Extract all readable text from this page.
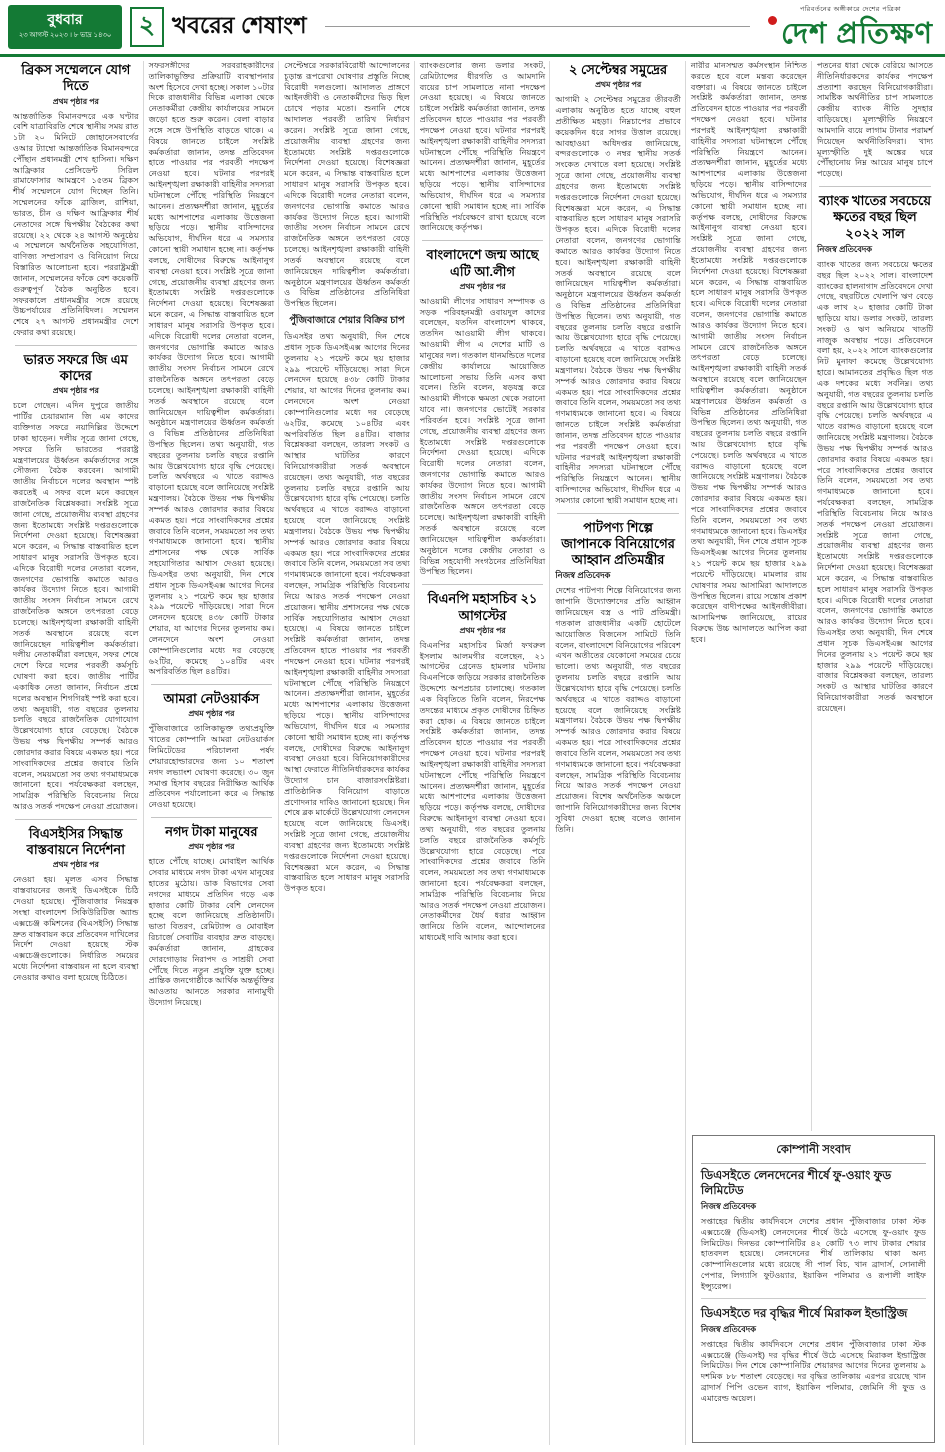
বুধবার
২৩ আগস্ট ২০২৩ । ৮ ভাদ্র ১৪৩০	২ খবরের শেষাংশ
পরিবর্তনের অঙ্গীকারে দেশের পত্রিকা
দেশ প্রতিক্ষণ
ব্রিকস সম্মেলনে যোগ দিতে
প্রথম পৃষ্ঠার পর

আন্তর্জাতিক বিমানবন্দরে এক ঘণ্টার বেশি যাত্রাবিরতি শেষে স্থানীয় সময় রাত ১টা ২০ মিনিটে জোহানেসবার্গের ওআর ট্যাম্বো আন্তর্জাতিক বিমানবন্দরে পৌঁছান প্রধানমন্ত্রী শেখ হাসিনা। দক্ষিণ আফ্রিকার প্রেসিডেন্ট সিরিল রামাফোসার আমন্ত্রণে ১৫তম ব্রিকস শীর্ষ সম্মেলনে যোগ দিচ্ছেন তিনি। সম্মেলনের ফাঁকে ব্রাজিল, রাশিয়া, ভারত, চীন ও দক্ষিণ আফ্রিকার শীর্ষ নেতাদের সঙ্গে দ্বিপক্ষীয় বৈঠকের কথা রয়েছে। ২২ থেকে ২৪ আগস্ট অনুষ্ঠেয় এ সম্মেলনে অর্থনৈতিক সহযোগিতা, বাণিজ্য সম্প্রসারণ ও বিনিয়োগ নিয়ে বিস্তারিত আলোচনা হবে। পররাষ্ট্রমন্ত্রী জানান, সম্মেলনের ফাঁকে বেশ কয়েকটি গুরুত্বপূর্ণ বৈঠক অনুষ্ঠিত হবে। সফরকালে প্রধানমন্ত্রীর সঙ্গে রয়েছে উচ্চপর্যায়ের প্রতিনিধিদল। সম্মেলন শেষে ২৭ আগস্ট প্রধানমন্ত্রীর দেশে ফেরার কথা রয়েছে।

ভারত সফরে জি এম কাদের
প্রথম পৃষ্ঠার পর

চলে গেছেন। এদিন দুপুরে জাতীয় পার্টির চেয়ারম্যান জি এম কাদের ব্যক্তিগত সফরে নয়াদিল্লির উদ্দেশে ঢাকা ছাড়েন। দলীয় সূত্রে জানা গেছে, সফরে তিনি ভারতের পররাষ্ট্র মন্ত্রণালয়ের ঊর্ধ্বতন কর্মকর্তাদের সঙ্গে সৌজন্য বৈঠক করবেন। আগামী জাতীয় নির্বাচনে দলের অবস্থান স্পষ্ট করতেই এ সফর বলে মনে করছেন রাজনৈতিক বিশ্লেষকরা। সংশ্লিষ্ট সূত্রে জানা গেছে, প্রয়োজনীয় ব্যবস্থা গ্রহণের জন্য ইতোমধ্যে সংশ্লিষ্ট দপ্তরগুলোকে নির্দেশনা দেওয়া হয়েছে। বিশেষজ্ঞরা মনে করেন, এ সিদ্ধান্ত বাস্তবায়িত হলে সাধারণ মানুষ সরাসরি উপকৃত হবে। এদিকে বিরোধী দলের নেতারা বলেন, জনগণের ভোগান্তি কমাতে আরও কার্যকর উদ্যোগ নিতে হবে। আগামী জাতীয় সংসদ নির্বাচন সামনে রেখে রাজনৈতিক অঙ্গনে তৎপরতা বেড়ে চলেছে। আইনশৃঙ্খলা রক্ষাকারী বাহিনী সতর্ক অবস্থানে রয়েছে বলে জানিয়েছেন দায়িত্বশীল কর্মকর্তারা। দলীয় নেতাকর্মীরা বলছেন, সফর শেষে দেশে ফিরে দলের পরবর্তী কর্মসূচি ঘোষণা করা হবে। জাতীয় পার্টির একাধিক নেতা জানান, নির্বাচন প্রশ্নে দলের অবস্থান শিগগিরই স্পষ্ট করা হবে। তথ্য অনুযায়ী, গত বছরের তুলনায় চলতি বছরে রাজনৈতিক যোগাযোগ উল্লেখযোগ্য হারে বেড়েছে। বৈঠকে উভয় পক্ষ দ্বিপক্ষীয় সম্পর্ক আরও জোরদার করার বিষয়ে একমত হয়। পরে সাংবাদিকদের প্রশ্নের জবাবে তিনি বলেন, সময়মতো সব তথ্য গণমাধ্যমকে জানানো হবে। পর্যবেক্ষকরা বলছেন, সামগ্রিক পরিস্থিতি বিবেচনায় নিয়ে আরও সতর্ক পদক্ষেপ নেওয়া প্রয়োজন।

বিএসইসির সিদ্ধান্ত বাস্তবায়নে নির্দেশনা
প্রথম পৃষ্ঠার পর

নেওয়া হয়। মূলত এসব সিদ্ধান্ত বাস্তবায়নের জন্যই ডিএসইকে চিঠি দেওয়া হয়েছে। পুঁজিবাজার নিয়ন্ত্রক সংস্থা বাংলাদেশ সিকিউরিটিজ অ্যান্ড এক্সচেঞ্জ কমিশনের (বিএসইসি) সিদ্ধান্ত দ্রুত বাস্তবায়ন করে প্রতিবেদন দাখিলের নির্দেশ দেওয়া হয়েছে স্টক এক্সচেঞ্জগুলোকে। নির্ধারিত সময়ের মধ্যে নির্দেশনা বাস্তবায়ন না হলে ব্যবস্থা নেওয়ার কথাও বলা হয়েছে চিঠিতে।

সফরসঙ্গীদের সরবরাহকারীদের তালিকাভুক্তির প্রক্রিয়াটি ব্যবস্থাপনার অংশ হিসেবে দেখা হচ্ছে। সকাল ১০টার দিকে রাজধানীর বিভিন্ন এলাকা থেকে নেতাকর্মীরা কেন্দ্রীয় কার্যালয়ের সামনে জড়ো হতে শুরু করেন। বেলা বাড়ার সঙ্গে সঙ্গে উপস্থিতি বাড়তে থাকে। এ বিষয়ে জানতে চাইলে সংশ্লিষ্ট কর্মকর্তারা জানান, তদন্ত প্রতিবেদন হাতে পাওয়ার পর পরবর্তী পদক্ষেপ নেওয়া হবে। ঘটনার পরপরই আইনশৃঙ্খলা রক্ষাকারী বাহিনীর সদস্যরা ঘটনাস্থলে পৌঁছে পরিস্থিতি নিয়ন্ত্রণে আনেন। প্রত্যক্ষদর্শীরা জানান, মুহূর্তের মধ্যে আশপাশের এলাকায় উত্তেজনা ছড়িয়ে পড়ে। স্থানীয় বাসিন্দাদের অভিযোগ, দীর্ঘদিন ধরে এ সমস্যার কোনো স্থায়ী সমাধান হচ্ছে না। কর্তৃপক্ষ বলছে, দোষীদের বিরুদ্ধে আইনানুগ ব্যবস্থা নেওয়া হবে। সংশ্লিষ্ট সূত্রে জানা গেছে, প্রয়োজনীয় ব্যবস্থা গ্রহণের জন্য ইতোমধ্যে সংশ্লিষ্ট দপ্তরগুলোকে নির্দেশনা দেওয়া হয়েছে। বিশেষজ্ঞরা মনে করেন, এ সিদ্ধান্ত বাস্তবায়িত হলে সাধারণ মানুষ সরাসরি উপকৃত হবে। এদিকে বিরোধী দলের নেতারা বলেন, জনগণের ভোগান্তি কমাতে আরও কার্যকর উদ্যোগ নিতে হবে। আগামী জাতীয় সংসদ নির্বাচন সামনে রেখে রাজনৈতিক অঙ্গনে তৎপরতা বেড়ে চলেছে। আইনশৃঙ্খলা রক্ষাকারী বাহিনী সতর্ক অবস্থানে রয়েছে বলে জানিয়েছেন দায়িত্বশীল কর্মকর্তারা। অনুষ্ঠানে মন্ত্রণালয়ের ঊর্ধ্বতন কর্মকর্তা ও বিভিন্ন প্রতিষ্ঠানের প্রতিনিধিরা উপস্থিত ছিলেন। তথ্য অনুযায়ী, গত বছরের তুলনায় চলতি বছরে রপ্তানি আয় উল্লেখযোগ্য হারে বৃদ্ধি পেয়েছে। চলতি অর্থবছরে এ খাতে বরাদ্দও বাড়ানো হয়েছে বলে জানিয়েছে সংশ্লিষ্ট মন্ত্রণালয়। বৈঠকে উভয় পক্ষ দ্বিপক্ষীয় সম্পর্ক আরও জোরদার করার বিষয়ে একমত হয়। পরে সাংবাদিকদের প্রশ্নের জবাবে তিনি বলেন, সময়মতো সব তথ্য গণমাধ্যমকে জানানো হবে। স্থানীয় প্রশাসনের পক্ষ থেকে সার্বিক সহযোগিতার আশ্বাস দেওয়া হয়েছে। ডিএসইর তথ্য অনুযায়ী, দিন শেষে প্রধান সূচক ডিএসইএক্স আগের দিনের তুলনায় ২১ পয়েন্ট কমে ছয় হাজার ২৯৯ পয়েন্টে দাঁড়িয়েছে। সারা দিনে লেনদেন হয়েছে ৪৩৮ কোটি টাকার শেয়ার, যা আগের দিনের তুলনায় কম। লেনদেনে অংশ নেওয়া কোম্পানিগুলোর মধ্যে দর বেড়েছে ৬২টির, কমেছে ১০৪টির এবং অপরিবর্তিত ছিল ৪৪টির।

আমরা নেটওয়ার্কস
প্রথম পৃষ্ঠার পর

পুঁজিবাজারে তালিকাভুক্ত তথ্যপ্রযুক্তি খাতের কোম্পানি আমরা নেটওয়ার্কস লিমিটেডের পরিচালনা পর্ষদ শেয়ারহোল্ডারদের জন্য ১০ শতাংশ নগদ লভ্যাংশ ঘোষণা করেছে। ৩০ জুন সমাপ্ত হিসাব বছরের নিরীক্ষিত আর্থিক প্রতিবেদন পর্যালোচনা করে এ সিদ্ধান্ত নেওয়া হয়েছে।

নগদ টাকা মানুষের
প্রথম পৃষ্ঠার পর

হাতে পৌঁছে যাচ্ছে। মোবাইল আর্থিক সেবার মাধ্যমে নগদ টাকা এখন মানুষের হাতের মুঠোয়। ডাক বিভাগের সেবা নগদের মাধ্যমে প্রতিদিন গড়ে এক হাজার কোটি টাকার বেশি লেনদেন হচ্ছে বলে জানিয়েছে প্রতিষ্ঠানটি। ভাতা বিতরণ, রেমিট্যান্স ও মোবাইল রিচার্জে সেবাটির ব্যবহার দ্রুত বাড়ছে। কর্মকর্তারা জানান, গ্রাহকের দোরগোড়ায় নিরাপদ ও সাশ্রয়ী সেবা পৌঁছে দিতে নতুন প্রযুক্তি যুক্ত হচ্ছে। প্রান্তিক জনগোষ্ঠীকে আর্থিক অন্তর্ভুক্তির আওতায় আনতে সরকার নানামুখী উদ্যোগ নিয়েছে।

সেপ্টেম্বরে সরকারবিরোধী আন্দোলনের চূড়ান্ত রূপরেখা ঘোষণার প্রস্তুতি নিচ্ছে বিরোধী দলগুলো। আদালত প্রাঙ্গণে আইনজীবী ও নেতাকর্মীদের ভিড় ছিল চোখে পড়ার মতো। শুনানি শেষে আদালত পরবর্তী তারিখ নির্ধারণ করেন। সংশ্লিষ্ট সূত্রে জানা গেছে, প্রয়োজনীয় ব্যবস্থা গ্রহণের জন্য ইতোমধ্যে সংশ্লিষ্ট দপ্তরগুলোকে নির্দেশনা দেওয়া হয়েছে। বিশেষজ্ঞরা মনে করেন, এ সিদ্ধান্ত বাস্তবায়িত হলে সাধারণ মানুষ সরাসরি উপকৃত হবে। এদিকে বিরোধী দলের নেতারা বলেন, জনগণের ভোগান্তি কমাতে আরও কার্যকর উদ্যোগ নিতে হবে। আগামী জাতীয় সংসদ নির্বাচন সামনে রেখে রাজনৈতিক অঙ্গনে তৎপরতা বেড়ে চলেছে। আইনশৃঙ্খলা রক্ষাকারী বাহিনী সতর্ক অবস্থানে রয়েছে বলে জানিয়েছেন দায়িত্বশীল কর্মকর্তারা। অনুষ্ঠানে মন্ত্রণালয়ের ঊর্ধ্বতন কর্মকর্তা ও বিভিন্ন প্রতিষ্ঠানের প্রতিনিধিরা উপস্থিত ছিলেন।

পুঁজিবাজারে শেয়ার বিক্রির চাপ

ডিএসইর তথ্য অনুযায়ী, দিন শেষে প্রধান সূচক ডিএসইএক্স আগের দিনের তুলনায় ২১ পয়েন্ট কমে ছয় হাজার ২৯৯ পয়েন্টে দাঁড়িয়েছে। সারা দিনে লেনদেন হয়েছে ৪৩৮ কোটি টাকার শেয়ার, যা আগের দিনের তুলনায় কম। লেনদেনে অংশ নেওয়া কোম্পানিগুলোর মধ্যে দর বেড়েছে ৬২টির, কমেছে ১০৪টির এবং অপরিবর্তিত ছিল ৪৪টির। বাজার বিশ্লেষকরা বলছেন, তারল্য সংকট ও আস্থার ঘাটতির কারণে বিনিয়োগকারীরা সতর্ক অবস্থানে রয়েছেন। তথ্য অনুযায়ী, গত বছরের তুলনায় চলতি বছরে রপ্তানি আয় উল্লেখযোগ্য হারে বৃদ্ধি পেয়েছে। চলতি অর্থবছরে এ খাতে বরাদ্দও বাড়ানো হয়েছে বলে জানিয়েছে সংশ্লিষ্ট মন্ত্রণালয়। বৈঠকে উভয় পক্ষ দ্বিপক্ষীয় সম্পর্ক আরও জোরদার করার বিষয়ে একমত হয়। পরে সাংবাদিকদের প্রশ্নের জবাবে তিনি বলেন, সময়মতো সব তথ্য গণমাধ্যমকে জানানো হবে। পর্যবেক্ষকরা বলছেন, সামগ্রিক পরিস্থিতি বিবেচনায় নিয়ে আরও সতর্ক পদক্ষেপ নেওয়া প্রয়োজন। স্থানীয় প্রশাসনের পক্ষ থেকে সার্বিক সহযোগিতার আশ্বাস দেওয়া হয়েছে। এ বিষয়ে জানতে চাইলে সংশ্লিষ্ট কর্মকর্তারা জানান, তদন্ত প্রতিবেদন হাতে পাওয়ার পর পরবর্তী পদক্ষেপ নেওয়া হবে। ঘটনার পরপরই আইনশৃঙ্খলা রক্ষাকারী বাহিনীর সদস্যরা ঘটনাস্থলে পৌঁছে পরিস্থিতি নিয়ন্ত্রণে আনেন। প্রত্যক্ষদর্শীরা জানান, মুহূর্তের মধ্যে আশপাশের এলাকায় উত্তেজনা ছড়িয়ে পড়ে। স্থানীয় বাসিন্দাদের অভিযোগ, দীর্ঘদিন ধরে এ সমস্যার কোনো স্থায়ী সমাধান হচ্ছে না। কর্তৃপক্ষ বলছে, দোষীদের বিরুদ্ধে আইনানুগ ব্যবস্থা নেওয়া হবে। বিনিয়োগকারীদের আস্থা ফেরাতে নীতিনির্ধারকদের কার্যকর উদ্যোগ চান বাজারসংশ্লিষ্টরা। প্রাতিষ্ঠানিক বিনিয়োগ বাড়াতে প্রণোদনার দাবিও জানানো হয়েছে। দিন শেষে ব্লক মার্কেটে উল্লেখযোগ্য লেনদেন হয়েছে বলে জানিয়েছে ডিএসই। সংশ্লিষ্ট সূত্রে জানা গেছে, প্রয়োজনীয় ব্যবস্থা গ্রহণের জন্য ইতোমধ্যে সংশ্লিষ্ট দপ্তরগুলোকে নির্দেশনা দেওয়া হয়েছে। বিশেষজ্ঞরা মনে করেন, এ সিদ্ধান্ত বাস্তবায়িত হলে সাধারণ মানুষ সরাসরি উপকৃত হবে।

ব্যাংকগুলোর জন্য ডলার সংকট, রেমিট্যান্সের ধীরগতি ও আমদানি ব্যয়ের চাপ সামলাতে নানা পদক্ষেপ নেওয়া হয়েছে। এ বিষয়ে জানতে চাইলে সংশ্লিষ্ট কর্মকর্তারা জানান, তদন্ত প্রতিবেদন হাতে পাওয়ার পর পরবর্তী পদক্ষেপ নেওয়া হবে। ঘটনার পরপরই আইনশৃঙ্খলা রক্ষাকারী বাহিনীর সদস্যরা ঘটনাস্থলে পৌঁছে পরিস্থিতি নিয়ন্ত্রণে আনেন। প্রত্যক্ষদর্শীরা জানান, মুহূর্তের মধ্যে আশপাশের এলাকায় উত্তেজনা ছড়িয়ে পড়ে। স্থানীয় বাসিন্দাদের অভিযোগ, দীর্ঘদিন ধরে এ সমস্যার কোনো স্থায়ী সমাধান হচ্ছে না। সার্বিক পরিস্থিতি পর্যবেক্ষণে রাখা হয়েছে বলে জানিয়েছে কর্তৃপক্ষ।

বাংলাদেশে জন্ম আছে এটি আ.লীগ
প্রথম পৃষ্ঠার পর

আওয়ামী লীগের সাধারণ সম্পাদক ও সড়ক পরিবহনমন্ত্রী ওবায়দুল কাদের বলেছেন, যতদিন বাংলাদেশ থাকবে, ততদিন আওয়ামী লীগ থাকবে। আওয়ামী লীগ এ দেশের মাটি ও মানুষের দল। গতকাল ধানমন্ডিতে দলের কেন্দ্রীয় কার্যালয়ে আয়োজিত আলোচনা সভায় তিনি এসব কথা বলেন। তিনি বলেন, ষড়যন্ত্র করে আওয়ামী লীগকে ক্ষমতা থেকে সরানো যাবে না। জনগণের ভোটেই সরকার পরিবর্তন হবে। সংশ্লিষ্ট সূত্রে জানা গেছে, প্রয়োজনীয় ব্যবস্থা গ্রহণের জন্য ইতোমধ্যে সংশ্লিষ্ট দপ্তরগুলোকে নির্দেশনা দেওয়া হয়েছে। এদিকে বিরোধী দলের নেতারা বলেন, জনগণের ভোগান্তি কমাতে আরও কার্যকর উদ্যোগ নিতে হবে। আগামী জাতীয় সংসদ নির্বাচন সামনে রেখে রাজনৈতিক অঙ্গনে তৎপরতা বেড়ে চলেছে। আইনশৃঙ্খলা রক্ষাকারী বাহিনী সতর্ক অবস্থানে রয়েছে বলে জানিয়েছেন দায়িত্বশীল কর্মকর্তারা। অনুষ্ঠানে দলের কেন্দ্রীয় নেতারা ও বিভিন্ন সহযোগী সংগঠনের প্রতিনিধিরা উপস্থিত ছিলেন।

বিএনপি মহাসচিব ২১ আগস্টের
প্রথম পৃষ্ঠার পর

বিএনপির মহাসচিব মির্জা ফখরুল ইসলাম আলমগীর বলেছেন, ২১ আগস্টের গ্রেনেড হামলার ঘটনায় বিএনপিকে জড়িয়ে সরকার রাজনৈতিক উদ্দেশ্যে অপপ্রচার চালাচ্ছে। গতকাল এক বিবৃতিতে তিনি বলেন, নিরপেক্ষ তদন্তের মাধ্যমে প্রকৃত দোষীদের চিহ্নিত করা হোক। এ বিষয়ে জানতে চাইলে সংশ্লিষ্ট কর্মকর্তারা জানান, তদন্ত প্রতিবেদন হাতে পাওয়ার পর পরবর্তী পদক্ষেপ নেওয়া হবে। ঘটনার পরপরই আইনশৃঙ্খলা রক্ষাকারী বাহিনীর সদস্যরা ঘটনাস্থলে পৌঁছে পরিস্থিতি নিয়ন্ত্রণে আনেন। প্রত্যক্ষদর্শীরা জানান, মুহূর্তের মধ্যে আশপাশের এলাকায় উত্তেজনা ছড়িয়ে পড়ে। কর্তৃপক্ষ বলছে, দোষীদের বিরুদ্ধে আইনানুগ ব্যবস্থা নেওয়া হবে। তথ্য অনুযায়ী, গত বছরের তুলনায় চলতি বছরে রাজনৈতিক কর্মসূচি উল্লেখযোগ্য হারে বেড়েছে। পরে সাংবাদিকদের প্রশ্নের জবাবে তিনি বলেন, সময়মতো সব তথ্য গণমাধ্যমকে জানানো হবে। পর্যবেক্ষকরা বলছেন, সামগ্রিক পরিস্থিতি বিবেচনায় নিয়ে আরও সতর্ক পদক্ষেপ নেওয়া প্রয়োজন। নেতাকর্মীদের ধৈর্য ধরার আহ্বান জানিয়ে তিনি বলেন, আন্দোলনের মাধ্যমেই দাবি আদায় করা হবে।

২ সেপ্টেম্বর সমুদ্রের
প্রথম পৃষ্ঠার পর

আগামী ২ সেপ্টেম্বর সমুদ্রের তীরবর্তী এলাকায় অনুষ্ঠিত হতে যাচ্ছে বহুল প্রতীক্ষিত মহড়া। নিম্নচাপের প্রভাবে কয়েকদিন ধরে সাগর উত্তাল রয়েছে। আবহাওয়া অধিদপ্তর জানিয়েছে, বন্দরগুলোকে ৩ নম্বর স্থানীয় সতর্ক সংকেত দেখাতে বলা হয়েছে। সংশ্লিষ্ট সূত্রে জানা গেছে, প্রয়োজনীয় ব্যবস্থা গ্রহণের জন্য ইতোমধ্যে সংশ্লিষ্ট দপ্তরগুলোকে নির্দেশনা দেওয়া হয়েছে। বিশেষজ্ঞরা মনে করেন, এ সিদ্ধান্ত বাস্তবায়িত হলে সাধারণ মানুষ সরাসরি উপকৃত হবে। এদিকে বিরোধী দলের নেতারা বলেন, জনগণের ভোগান্তি কমাতে আরও কার্যকর উদ্যোগ নিতে হবে। আইনশৃঙ্খলা রক্ষাকারী বাহিনী সতর্ক অবস্থানে রয়েছে বলে জানিয়েছেন দায়িত্বশীল কর্মকর্তারা। অনুষ্ঠানে মন্ত্রণালয়ের ঊর্ধ্বতন কর্মকর্তা ও বিভিন্ন প্রতিষ্ঠানের প্রতিনিধিরা উপস্থিত ছিলেন। তথ্য অনুযায়ী, গত বছরের তুলনায় চলতি বছরে রপ্তানি আয় উল্লেখযোগ্য হারে বৃদ্ধি পেয়েছে। চলতি অর্থবছরে এ খাতে বরাদ্দও বাড়ানো হয়েছে বলে জানিয়েছে সংশ্লিষ্ট মন্ত্রণালয়। বৈঠকে উভয় পক্ষ দ্বিপক্ষীয় সম্পর্ক আরও জোরদার করার বিষয়ে একমত হয়। পরে সাংবাদিকদের প্রশ্নের জবাবে তিনি বলেন, সময়মতো সব তথ্য গণমাধ্যমকে জানানো হবে। এ বিষয়ে জানতে চাইলে সংশ্লিষ্ট কর্মকর্তারা জানান, তদন্ত প্রতিবেদন হাতে পাওয়ার পর পরবর্তী পদক্ষেপ নেওয়া হবে। ঘটনার পরপরই আইনশৃঙ্খলা রক্ষাকারী বাহিনীর সদস্যরা ঘটনাস্থলে পৌঁছে পরিস্থিতি নিয়ন্ত্রণে আনেন। স্থানীয় বাসিন্দাদের অভিযোগ, দীর্ঘদিন ধরে এ সমস্যার কোনো স্থায়ী সমাধান হচ্ছে না।

পাটপণ্য শিল্পে জাপানকে বিনিয়োগের আহ্বান প্রতিমন্ত্রীর
নিজস্ব প্রতিবেদক

দেশের পাটপণ্য শিল্পে বিনিয়োগের জন্য জাপানি উদ্যোক্তাদের প্রতি আহ্বান জানিয়েছেন বস্ত্র ও পাট প্রতিমন্ত্রী। গতকাল রাজধানীর একটি হোটেলে আয়োজিত বিজনেস সামিটে তিনি বলেন, বাংলাদেশে বিনিয়োগের পরিবেশ এখন অতীতের যেকোনো সময়ের চেয়ে ভালো। তথ্য অনুযায়ী, গত বছরের তুলনায় চলতি বছরে রপ্তানি আয় উল্লেখযোগ্য হারে বৃদ্ধি পেয়েছে। চলতি অর্থবছরে এ খাতে বরাদ্দও বাড়ানো হয়েছে বলে জানিয়েছে সংশ্লিষ্ট মন্ত্রণালয়। বৈঠকে উভয় পক্ষ দ্বিপক্ষীয় সম্পর্ক আরও জোরদার করার বিষয়ে একমত হয়। পরে সাংবাদিকদের প্রশ্নের জবাবে তিনি বলেন, সময়মতো সব তথ্য গণমাধ্যমকে জানানো হবে। পর্যবেক্ষকরা বলছেন, সামগ্রিক পরিস্থিতি বিবেচনায় নিয়ে আরও সতর্ক পদক্ষেপ নেওয়া প্রয়োজন। বিশেষ অর্থনৈতিক অঞ্চলে জাপানি বিনিয়োগকারীদের জন্য বিশেষ সুবিধা দেওয়া হচ্ছে বলেও জানান তিনি।

নারীর মানসম্মত কর্মসংস্থান নিশ্চিত করতে হবে বলে মন্তব্য করেছেন বক্তারা। এ বিষয়ে জানতে চাইলে সংশ্লিষ্ট কর্মকর্তারা জানান, তদন্ত প্রতিবেদন হাতে পাওয়ার পর পরবর্তী পদক্ষেপ নেওয়া হবে। ঘটনার পরপরই আইনশৃঙ্খলা রক্ষাকারী বাহিনীর সদস্যরা ঘটনাস্থলে পৌঁছে পরিস্থিতি নিয়ন্ত্রণে আনেন। প্রত্যক্ষদর্শীরা জানান, মুহূর্তের মধ্যে আশপাশের এলাকায় উত্তেজনা ছড়িয়ে পড়ে। স্থানীয় বাসিন্দাদের অভিযোগ, দীর্ঘদিন ধরে এ সমস্যার কোনো স্থায়ী সমাধান হচ্ছে না। কর্তৃপক্ষ বলছে, দোষীদের বিরুদ্ধে আইনানুগ ব্যবস্থা নেওয়া হবে। সংশ্লিষ্ট সূত্রে জানা গেছে, প্রয়োজনীয় ব্যবস্থা গ্রহণের জন্য ইতোমধ্যে সংশ্লিষ্ট দপ্তরগুলোকে নির্দেশনা দেওয়া হয়েছে। বিশেষজ্ঞরা মনে করেন, এ সিদ্ধান্ত বাস্তবায়িত হলে সাধারণ মানুষ সরাসরি উপকৃত হবে। এদিকে বিরোধী দলের নেতারা বলেন, জনগণের ভোগান্তি কমাতে আরও কার্যকর উদ্যোগ নিতে হবে। আগামী জাতীয় সংসদ নির্বাচন সামনে রেখে রাজনৈতিক অঙ্গনে তৎপরতা বেড়ে চলেছে। আইনশৃঙ্খলা রক্ষাকারী বাহিনী সতর্ক অবস্থানে রয়েছে বলে জানিয়েছেন দায়িত্বশীল কর্মকর্তারা। অনুষ্ঠানে মন্ত্রণালয়ের ঊর্ধ্বতন কর্মকর্তা ও বিভিন্ন প্রতিষ্ঠানের প্রতিনিধিরা উপস্থিত ছিলেন। তথ্য অনুযায়ী, গত বছরের তুলনায় চলতি বছরে রপ্তানি আয় উল্লেখযোগ্য হারে বৃদ্ধি পেয়েছে। চলতি অর্থবছরে এ খাতে বরাদ্দও বাড়ানো হয়েছে বলে জানিয়েছে সংশ্লিষ্ট মন্ত্রণালয়। বৈঠকে উভয় পক্ষ দ্বিপক্ষীয় সম্পর্ক আরও জোরদার করার বিষয়ে একমত হয়। পরে সাংবাদিকদের প্রশ্নের জবাবে তিনি বলেন, সময়মতো সব তথ্য গণমাধ্যমকে জানানো হবে। ডিএসইর তথ্য অনুযায়ী, দিন শেষে প্রধান সূচক ডিএসইএক্স আগের দিনের তুলনায় ২১ পয়েন্ট কমে ছয় হাজার ২৯৯ পয়েন্টে দাঁড়িয়েছে। মামলার রায় ঘোষণার সময় আসামিরা আদালতে উপস্থিত ছিলেন। রায়ে সন্তোষ প্রকাশ করেছেন বাদীপক্ষের আইনজীবীরা। আসামিপক্ষ জানিয়েছে, রায়ের বিরুদ্ধে উচ্চ আদালতে আপিল করা হবে।

পতনের ধারা থেকে বেরিয়ে আসতে নীতিনির্ধারকদের কার্যকর পদক্ষেপ প্রত্যাশা করছেন বিনিয়োগকারীরা। সামষ্টিক অর্থনীতির চাপ সামলাতে কেন্দ্রীয় ব্যাংক নীতি সুদহার বাড়িয়েছে। মূল্যস্ফীতি নিয়ন্ত্রণে আমদানি ব্যয়ে লাগাম টানার পরামর্শ দিয়েছেন অর্থনীতিবিদরা। খাদ্য মূল্যস্ফীতি দুই অঙ্কের ঘরে পৌঁছানোয় নিম্ন আয়ের মানুষ চাপে পড়েছে।

ব্যাংক খাতের সবচেয়ে ক্ষতের বছর ছিল ২০২২ সাল
নিজস্ব প্রতিবেদক

ব্যাংক খাতের জন্য সবচেয়ে ক্ষতের বছর ছিল ২০২২ সাল। বাংলাদেশ ব্যাংকের হালনাগাদ প্রতিবেদনে দেখা গেছে, বছরটিতে খেলাপি ঋণ বেড়ে এক লাখ ২০ হাজার কোটি টাকা ছাড়িয়ে যায়। ডলার সংকট, তারল্য সংকট ও ঋণ অনিয়মে খাতটি নাজুক অবস্থায় পড়ে। প্রতিবেদনে বলা হয়, ২০২২ সালে ব্যাংকগুলোর নিট মুনাফা কমেছে উল্লেখযোগ্য হারে। আমানতের প্রবৃদ্ধিও ছিল গত এক দশকের মধ্যে সর্বনিম্ন। তথ্য অনুযায়ী, গত বছরের তুলনায় চলতি বছরে রপ্তানি আয় উল্লেখযোগ্য হারে বৃদ্ধি পেয়েছে। চলতি অর্থবছরে এ খাতে বরাদ্দও বাড়ানো হয়েছে বলে জানিয়েছে সংশ্লিষ্ট মন্ত্রণালয়। বৈঠকে উভয় পক্ষ দ্বিপক্ষীয় সম্পর্ক আরও জোরদার করার বিষয়ে একমত হয়। পরে সাংবাদিকদের প্রশ্নের জবাবে তিনি বলেন, সময়মতো সব তথ্য গণমাধ্যমকে জানানো হবে। পর্যবেক্ষকরা বলছেন, সামগ্রিক পরিস্থিতি বিবেচনায় নিয়ে আরও সতর্ক পদক্ষেপ নেওয়া প্রয়োজন। সংশ্লিষ্ট সূত্রে জানা গেছে, প্রয়োজনীয় ব্যবস্থা গ্রহণের জন্য ইতোমধ্যে সংশ্লিষ্ট দপ্তরগুলোকে নির্দেশনা দেওয়া হয়েছে। বিশেষজ্ঞরা মনে করেন, এ সিদ্ধান্ত বাস্তবায়িত হলে সাধারণ মানুষ সরাসরি উপকৃত হবে। এদিকে বিরোধী দলের নেতারা বলেন, জনগণের ভোগান্তি কমাতে আরও কার্যকর উদ্যোগ নিতে হবে। ডিএসইর তথ্য অনুযায়ী, দিন শেষে প্রধান সূচক ডিএসইএক্স আগের দিনের তুলনায় ২১ পয়েন্ট কমে ছয় হাজার ২৯৯ পয়েন্টে দাঁড়িয়েছে। বাজার বিশ্লেষকরা বলছেন, তারল্য সংকট ও আস্থার ঘাটতির কারণে বিনিয়োগকারীরা সতর্ক অবস্থানে রয়েছেন।

কোম্পানী সংবাদ
ডিএসইতে লেনদেনের শীর্ষে ফু-ওয়াং ফুড লিমিটেড
নিজস্ব প্রতিবেদক

সপ্তাহের দ্বিতীয় কার্যদিবসে দেশের প্রধান পুঁজিবাজার ঢাকা স্টক এক্সচেঞ্জে (ডিএসই) লেনদেনের শীর্ষে উঠে এসেছে ফু-ওয়াং ফুড লিমিটেড। দিনভর কোম্পানিটির ৪২ কোটি ৭৩ লাখ টাকার শেয়ার হাতবদল হয়েছে। লেনদেনের শীর্ষ তালিকায় থাকা অন্য কোম্পানিগুলোর মধ্যে রয়েছে সী পার্ল বিচ, খান ব্রাদার্স, সোনালী পেপার, লিগ্যাসি ফুটওয়্যার, ইয়াকিন পলিমার ও রূপালী লাইফ ইন্স্যুরেন্স।

ডিএসইতে দর বৃদ্ধির শীর্ষে মিরাকল ইন্ডাস্ট্রিজ
নিজস্ব প্রতিবেদক

সপ্তাহের দ্বিতীয় কার্যদিবসে দেশের প্রধান পুঁজিবাজার ঢাকা স্টক এক্সচেঞ্জে (ডিএসই) দর বৃদ্ধির শীর্ষে উঠে এসেছে মিরাকল ইন্ডাস্ট্রিজ লিমিটেড। দিন শেষে কোম্পানিটির শেয়ারদর আগের দিনের তুলনায় ৯ দশমিক ৮৮ শতাংশ বেড়েছে। দর বৃদ্ধির তালিকায় এরপর রয়েছে খান ব্রাদার্স পিপি ওভেন ব্যাগ, ইয়াকিন পলিমার, জেমিনি সী ফুড ও এমারেল্ড অয়েল।
